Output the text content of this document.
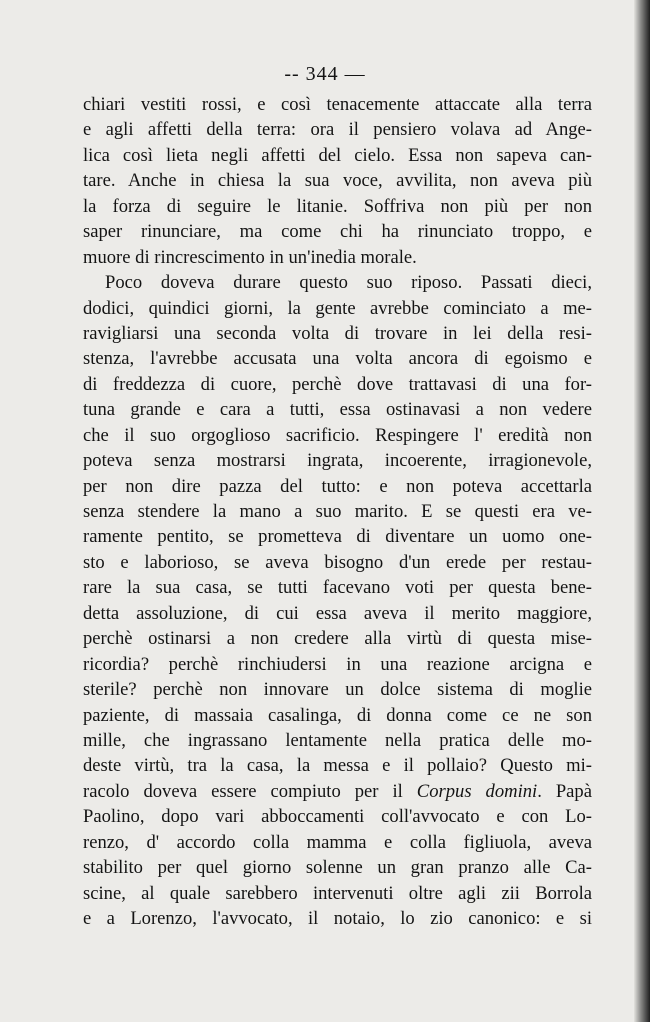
-- 344 —
chiari vestiti rossi, e così tenacemente attaccate alla terra
e agli affetti della terra: ora il pensiero volava ad Ange-
lica così lieta negli affetti del cielo. Essa non sapeva can-
tare. Anche in chiesa la sua voce, avvilita, non aveva più
la forza di seguire le litanie. Soffriva non più per non
saper rinunciare, ma come chi ha rinunciato troppo, e
muore di rincrescimento in un'inedia morale.
Poco doveva durare questo suo riposo. Passati dieci,
dodici, quindici giorni, la gente avrebbe cominciato a me-
ravigliarsi una seconda volta di trovare in lei della resi-
stenza, l'avrebbe accusata una volta ancora di egoismo e
di freddezza di cuore, perchè dove trattavasi di una for-
tuna grande e cara a tutti, essa ostinavasi a non vedere
che il suo orgoglioso sacrificio. Respingere l' eredità non
poteva senza mostrarsi ingrata, incoerente, irragionevole,
per non dire pazza del tutto: e non poteva accettarla
senza stendere la mano a suo marito. E se questi era ve-
ramente pentito, se prometteva di diventare un uomo one-
sto e laborioso, se aveva bisogno d'un erede per restau-
rare la sua casa, se tutti facevano voti per questa bene-
detta assoluzione, di cui essa aveva il merito maggiore,
perchè ostinarsi a non credere alla virtù di questa mise-
ricordia? perchè rinchiudersi in una reazione arcigna e
sterile? perchè non innovare un dolce sistema di moglie
paziente, di massaia casalinga, di donna come ce ne son
mille, che ingrassano lentamente nella pratica delle mo-
deste virtù, tra la casa, la messa e il pollaio? Questo mi-
racolo doveva essere compiuto per il Corpus domini. Papà
Paolino, dopo vari abboccamenti coll'avvocato e con Lo-
renzo, d' accordo colla mamma e colla figliuola, aveva
stabilito per quel giorno solenne un gran pranzo alle Ca-
scine, al quale sarebbero intervenuti oltre agli zii Borrola
e a Lorenzo, l'avvocato, il notaio, lo zio canonico: e si
